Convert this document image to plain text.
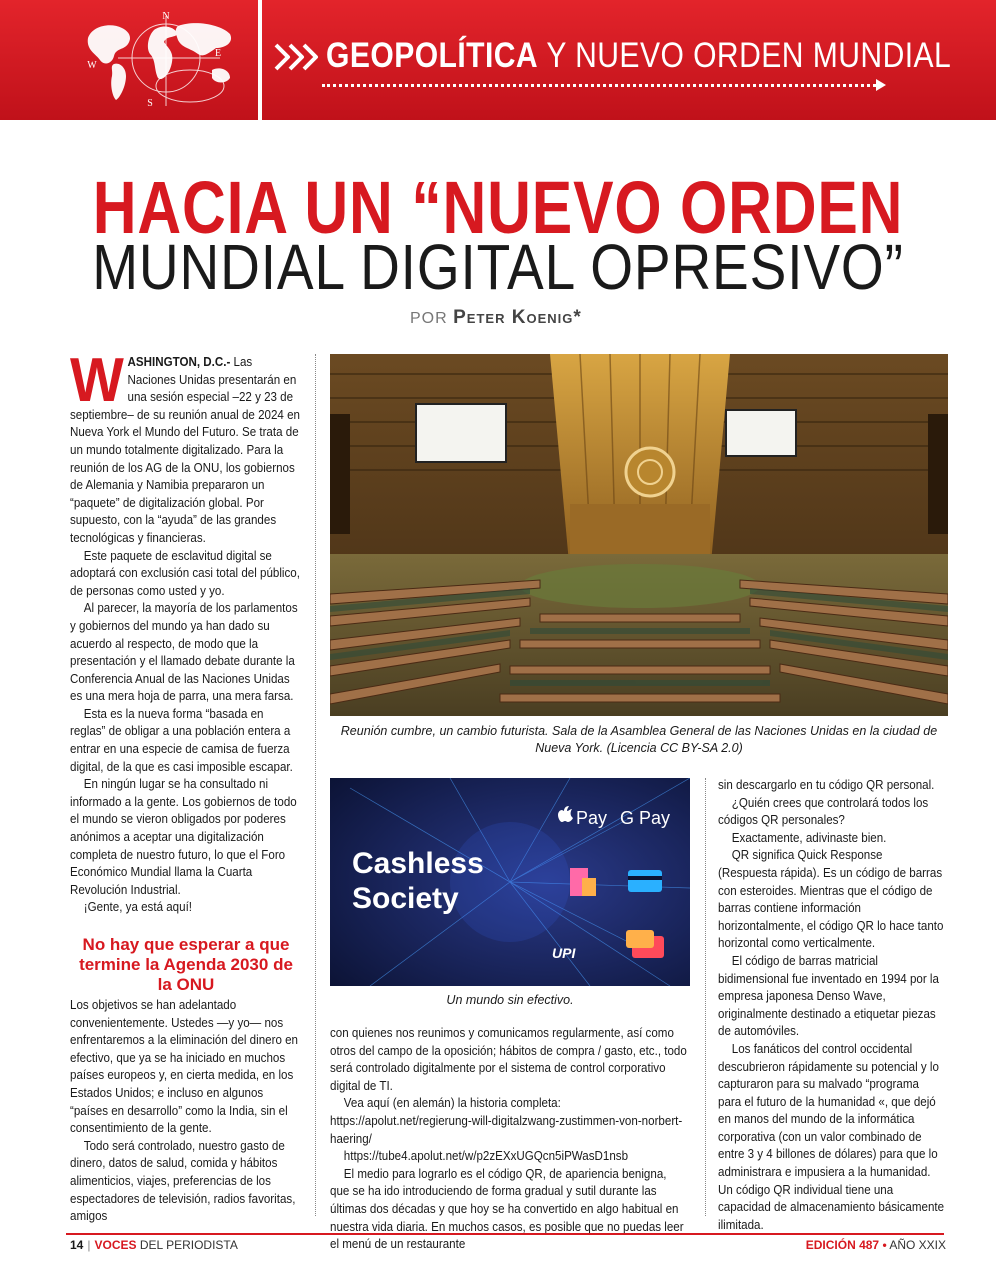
N
E
S
W	GEOPOLÍTICA Y NUEVO ORDEN MUNDIAL
HACIA UN “NUEVO ORDEN
MUNDIAL DIGITAL OPRESIVO”
POR Peter Koenig*

WASHINGTON, D.C.- Las Naciones Unidas presentarán en una sesión especial –22 y 23 de septiembre– de su reunión anual de 2024 en Nueva York el Mundo del Futuro. Se trata de un mundo totalmente digitalizado. Para la reunión de los AG de la ONU, los gobiernos de Alemania y Namibia prepararon un “paquete” de digitalización global. Por supuesto, con la “ayuda” de las grandes tecnológicas y financieras.

Este paquete de esclavitud digital se adoptará con exclusión casi total del público, de personas como usted y yo.

Al parecer, la mayoría de los parlamentos y gobiernos del mundo ya han dado su acuerdo al respecto, de modo que la presentación y el llamado debate durante la Conferencia Anual de las Naciones Unidas es una mera hoja de parra, una mera farsa.

Esta es la nueva forma “basada en reglas” de obligar a una población entera a entrar en una especie de camisa de fuerza digital, de la que es casi imposible escapar.

En ningún lugar se ha consultado ni informado a la gente. Los gobiernos de todo el mundo se vieron obligados por poderes anónimos a aceptar una digitalización completa de nuestro futuro, lo que el Foro Económico Mundial llama la Cuarta Revolución Industrial.

¡Gente, ya está aquí!

No hay que esperar a que termine la Agenda 2030 de la ONU

Los objetivos se han adelantado convenientemente. Ustedes —y yo— nos enfrentaremos a la eliminación del dinero en efectivo, que ya se ha iniciado en muchos países europeos y, en cierta medida, en los Estados Unidos; e incluso en algunos “países en desarrollo” como la India, sin el consentimiento de la gente.

Todo será controlado, nuestro gasto de dinero, datos de salud, comida y hábitos alimenticios, viajes, preferencias de los espectadores de televisión, radios favoritas, amigos

Reunión cumbre, un cambio futurista. Sala de la Asamblea General de las Naciones Unidas en la ciudad de Nueva York. (Licencia CC BY-SA 2.0)
Cashless
Society
Pay G Pay
UPI
Un mundo sin efectivo.

con quienes nos reunimos y comunicamos regularmente, así como otros del campo de la oposición; hábitos de compra / gasto, etc., todo será controlado digitalmente por el sistema de control corporativo digital de TI.

Vea aquí (en alemán) la historia completa: https://apolut.net/regierung-will-digitalzwang-zustimmen-von-norbert-haering/

https://tube4.apolut.net/w/p2zEXxUGQcn5iPWasD1nsb

El medio para lograrlo es el código QR, de apariencia benigna, que se ha ido introduciendo de forma gradual y sutil durante las últimas dos décadas y que hoy se ha convertido en algo habitual en nuestra vida diaria. En muchos casos, es posible que no puedas leer el menú de un restaurante

sin descargarlo en tu código QR personal.

¿Quién crees que controlará todos los códigos QR personales?

Exactamente, adivinaste bien.

QR significa Quick Response (Respuesta rápida). Es un código de barras con esteroides. Mientras que el código de barras contiene información horizontalmente, el código QR lo hace tanto horizontal como verticalmente.

El código de barras matricial bidimensional fue inventado en 1994 por la empresa japonesa Denso Wave, originalmente destinado a etiquetar piezas de automóviles.

Los fanáticos del control occidental descubrieron rápidamente su potencial y lo capturaron para su malvado “programa para el futuro de la humanidad «, que dejó en manos del mundo de la informática corporativa (con un valor combinado de entre 3 y 4 billones de dólares) para que lo administrara e impusiera a la humanidad. Un código QR individual tiene una capacidad de almacenamiento básicamente ilimitada.

14 | VOCES DEL PERIODISTA	EDICIÓN 487 • AÑO XXIX
